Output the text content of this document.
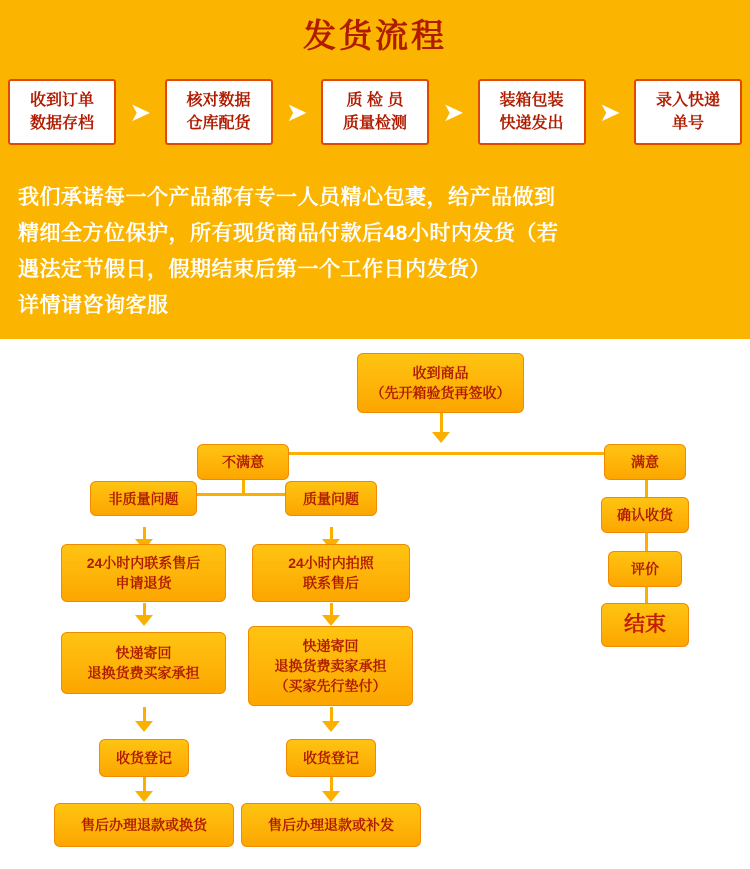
发货流程
收到订单
数据存档 ➤ 核对数据
仓库配货 ➤ 质 检 员
质量检测 ➤ 装箱包装
快递发出 ➤ 录入快递
单号

我们承诺每一个产品都有专一人员精心包裹，给产品做到

精细全方位保护，所有现货商品付款后48小时内发货（若

遇法定节假日，假期结束后第一个工作日内发货）

详情请咨询客服

收到商品
（先开箱验货再签收）
不满意	满意
非质量问题	质量问题
确认收货
评价
结束
24小时内联系售后
申请退货
24小时内拍照
联系售后
快递寄回
退换货费买家承担
快递寄回
退换货费卖家承担
（买家先行垫付）
收货登记	收货登记
售后办理退款或换货	售后办理退款或补发
